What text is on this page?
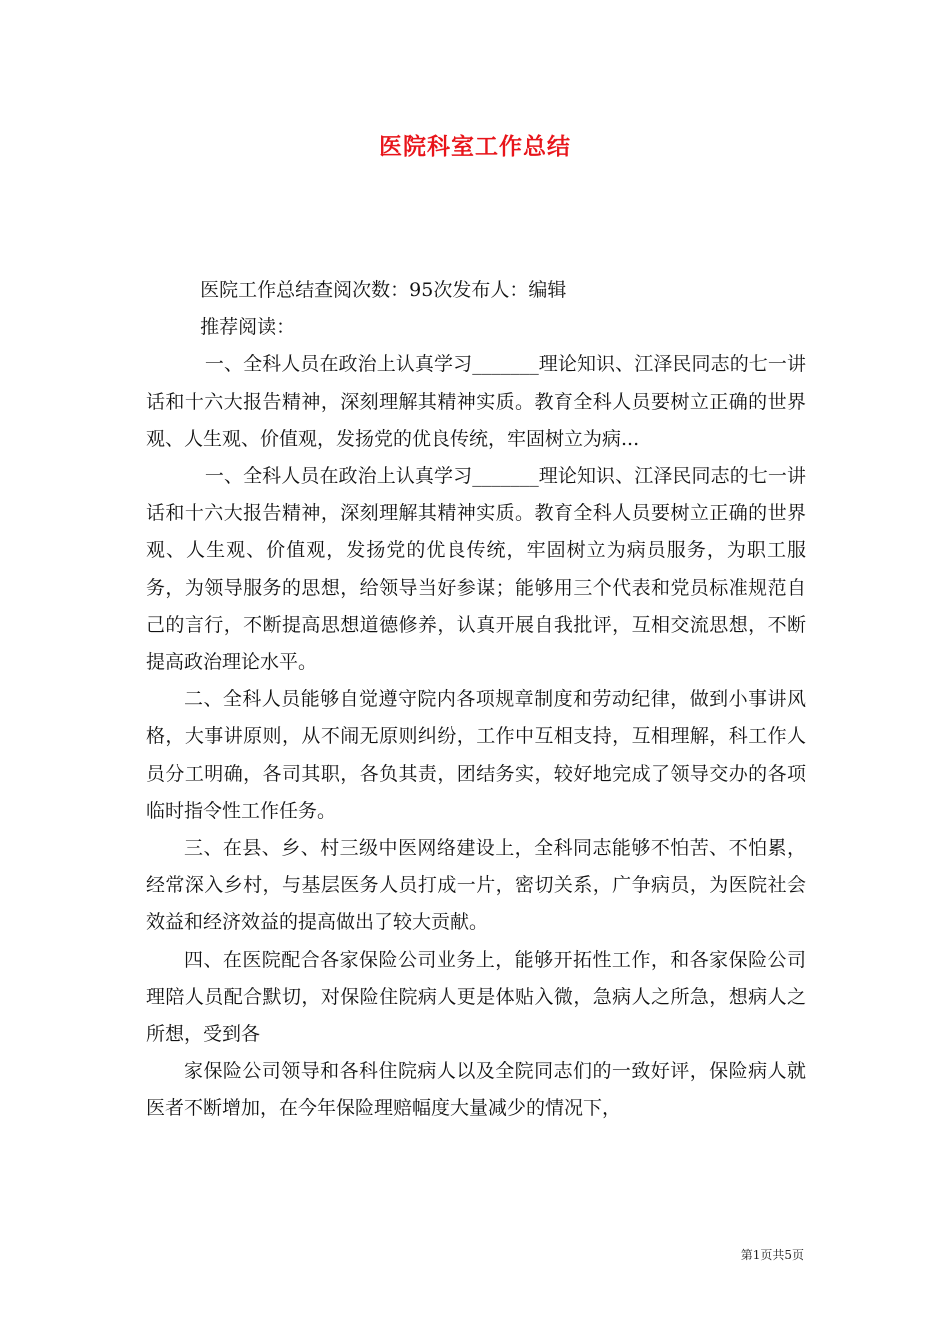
医院科室工作总结

医院工作总结查阅次数：95次发布人：编辑

推荐阅读：

一、全科人员在政治上认真学习_______理论知识、江泽民同志的七一讲话和十六大报告精神，深刻理解其精神实质。教育全科人员要树立正确的世界观、人生观、价值观，发扬党的优良传统，牢固树立为病...

一、全科人员在政治上认真学习_______理论知识、江泽民同志的七一讲话和十六大报告精神，深刻理解其精神实质。教育全科人员要树立正确的世界观、人生观、价值观，发扬党的优良传统，牢固树立为病员服务，为职工服务，为领导服务的思想，给领导当好参谋；能够用三个代表和党员标准规范自己的言行，不断提高思想道德修养，认真开展自我批评，互相交流思想，不断提高政治理论水平。

二、全科人员能够自觉遵守院内各项规章制度和劳动纪律，做到小事讲风格，大事讲原则，从不闹无原则纠纷，工作中互相支持，互相理解，科工作人员分工明确，各司其职，各负其责，团结务实，较好地完成了领导交办的各项临时指令性工作任务。

三、在县、乡、村三级中医网络建设上，全科同志能够不怕苦、不怕累，经常深入乡村，与基层医务人员打成一片，密切关系，广争病员，为医院社会效益和经济效益的提高做出了较大贡献。

四、在医院配合各家保险公司业务上，能够开拓性工作，和各家保险公司理陪人员配合默切，对保险住院病人更是体贴入微，急病人之所急，想病人之所想，受到各

家保险公司领导和各科住院病人以及全院同志们的一致好评，保险病人就医者不断增加，在今年保险理赔幅度大量减少的情况下，

第1页共5页
